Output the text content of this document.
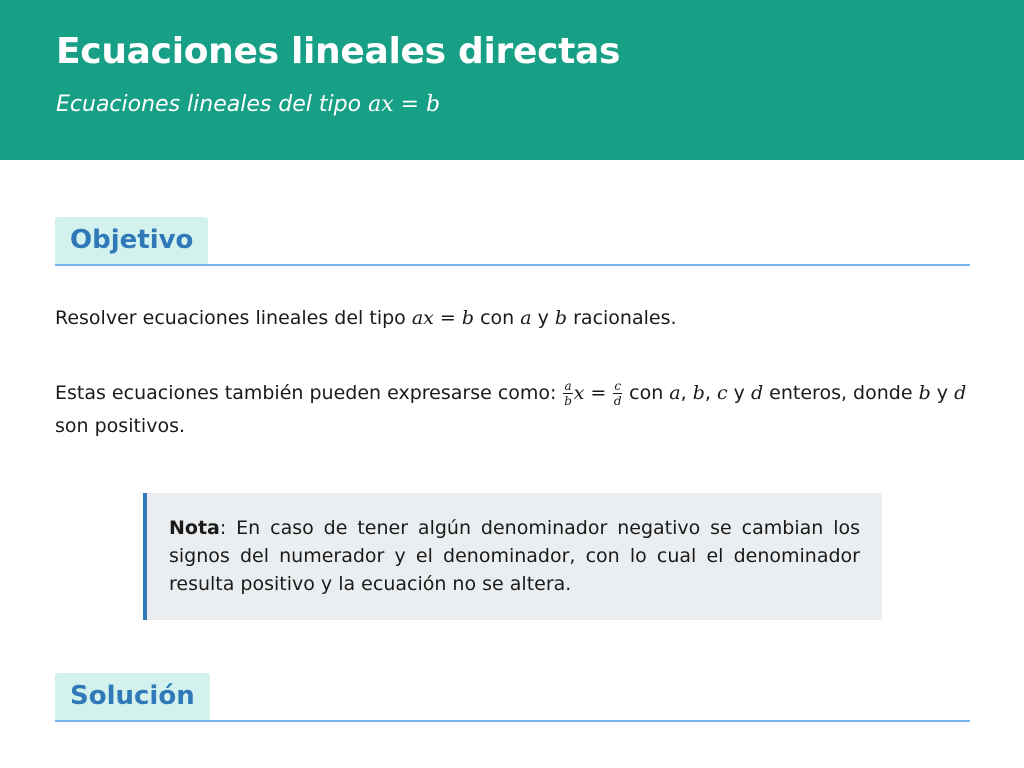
Ecuaciones lineales directas
Ecuaciones lineales del tipo ax = b
Objetivo

Resolver ecuaciones lineales del tipo ax = b con a y b racionales.

Estas ecuaciones también pueden expresarse como: $\frac{a}{b}$ $x = \frac{c}{d}$ con a, b, c y d enteros, donde b y d son positivos.

Nota: En caso de tener algún denominador negativo se cambian los signos del numerador y el denominador, con lo cual el denominador resulta positivo y la ecuación no se altera.
Solución
